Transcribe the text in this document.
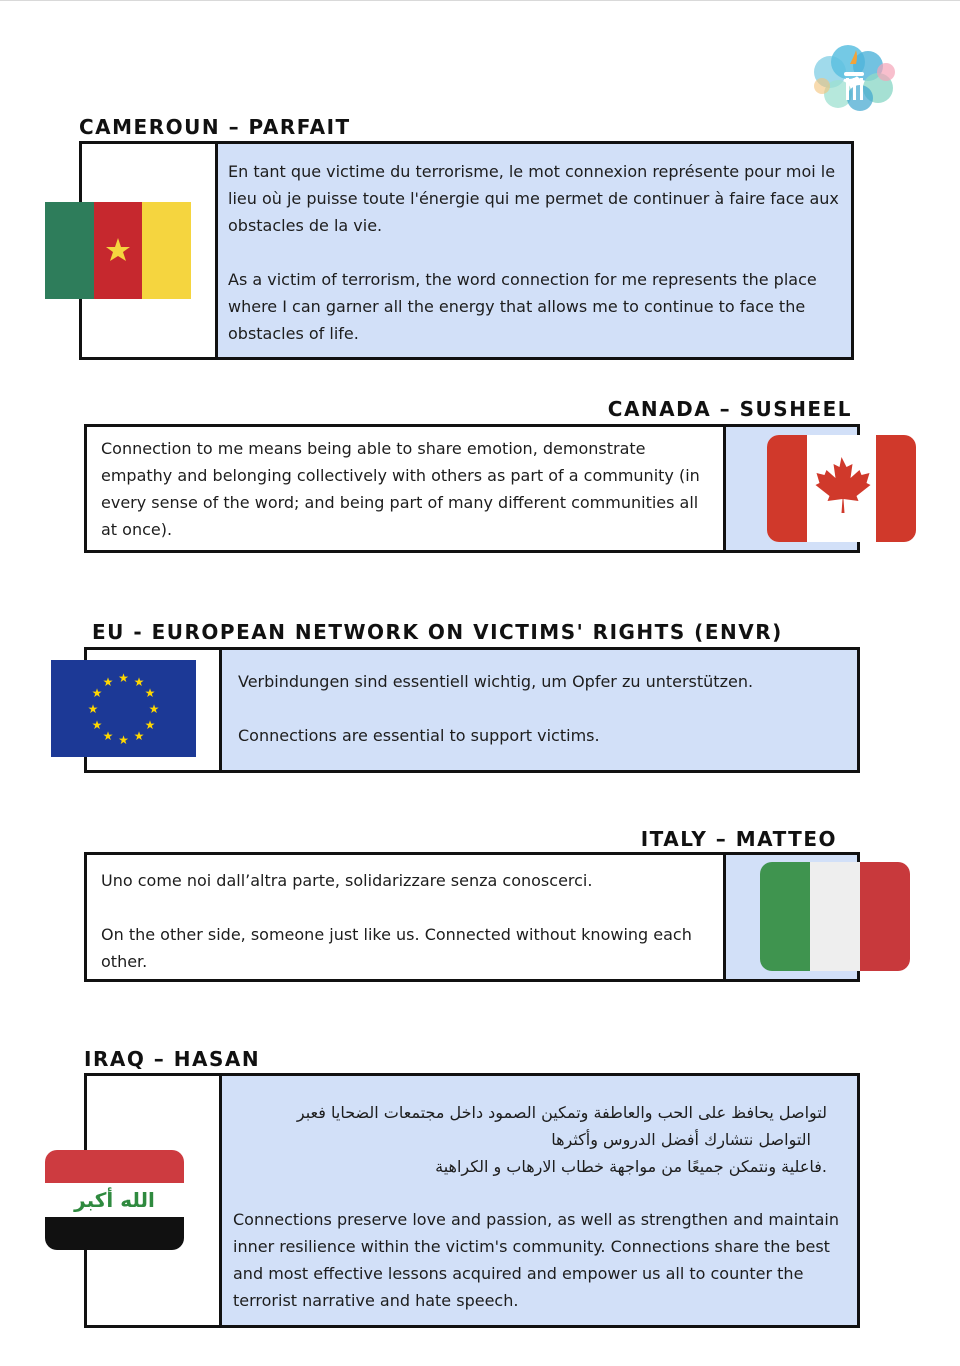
CAMEROUN – PARFAIT

En tant que victime du terrorisme, le mot connexion représente pour moi le lieu où je puisse toute l'énergie qui me permet de continuer à faire face aux obstacles de la vie.

As a victim of terrorism, the word connection for me represents the place where I can garner all the energy that allows me to continue to face the obstacles of life.

CANADA – SUSHEEL

Connection to me means being able to share emotion, demonstrate empathy and belonging collectively with others as part of a community (in every sense of the word; and being part of many different communities all at once).

EU - EUROPEAN NETWORK ON VICTIMS' RIGHTS (ENVR)

Verbindungen sind essentiell wichtig, um Opfer zu unterstützen.

Connections are essential to support victims.

★ ★
★
★
★
★
★
★
★
★
★
★
ITALY – MATTEO

Uno come noi dall’altra parte, solidarizzare senza conoscerci.

On the other side, someone just like us. Connected without knowing each other.

IRAQ – HASAN

لتواصل يحافظ على الحب والعاطفة وتمكين الصمود داخل مجتمعات الضحايا فعبر

التواصل نتشارك أفضل الدروس وأكثرها

.فاعلية ونتمكن جميعًا من مواجهة خطاب الارهاب و الكراهية

Connections preserve love and passion, as well as strengthen and maintain inner resilience within the victim's community. Connections share the best and most effective lessons acquired and empower us all to counter the terrorist narrative and hate speech.

الله أكبر
